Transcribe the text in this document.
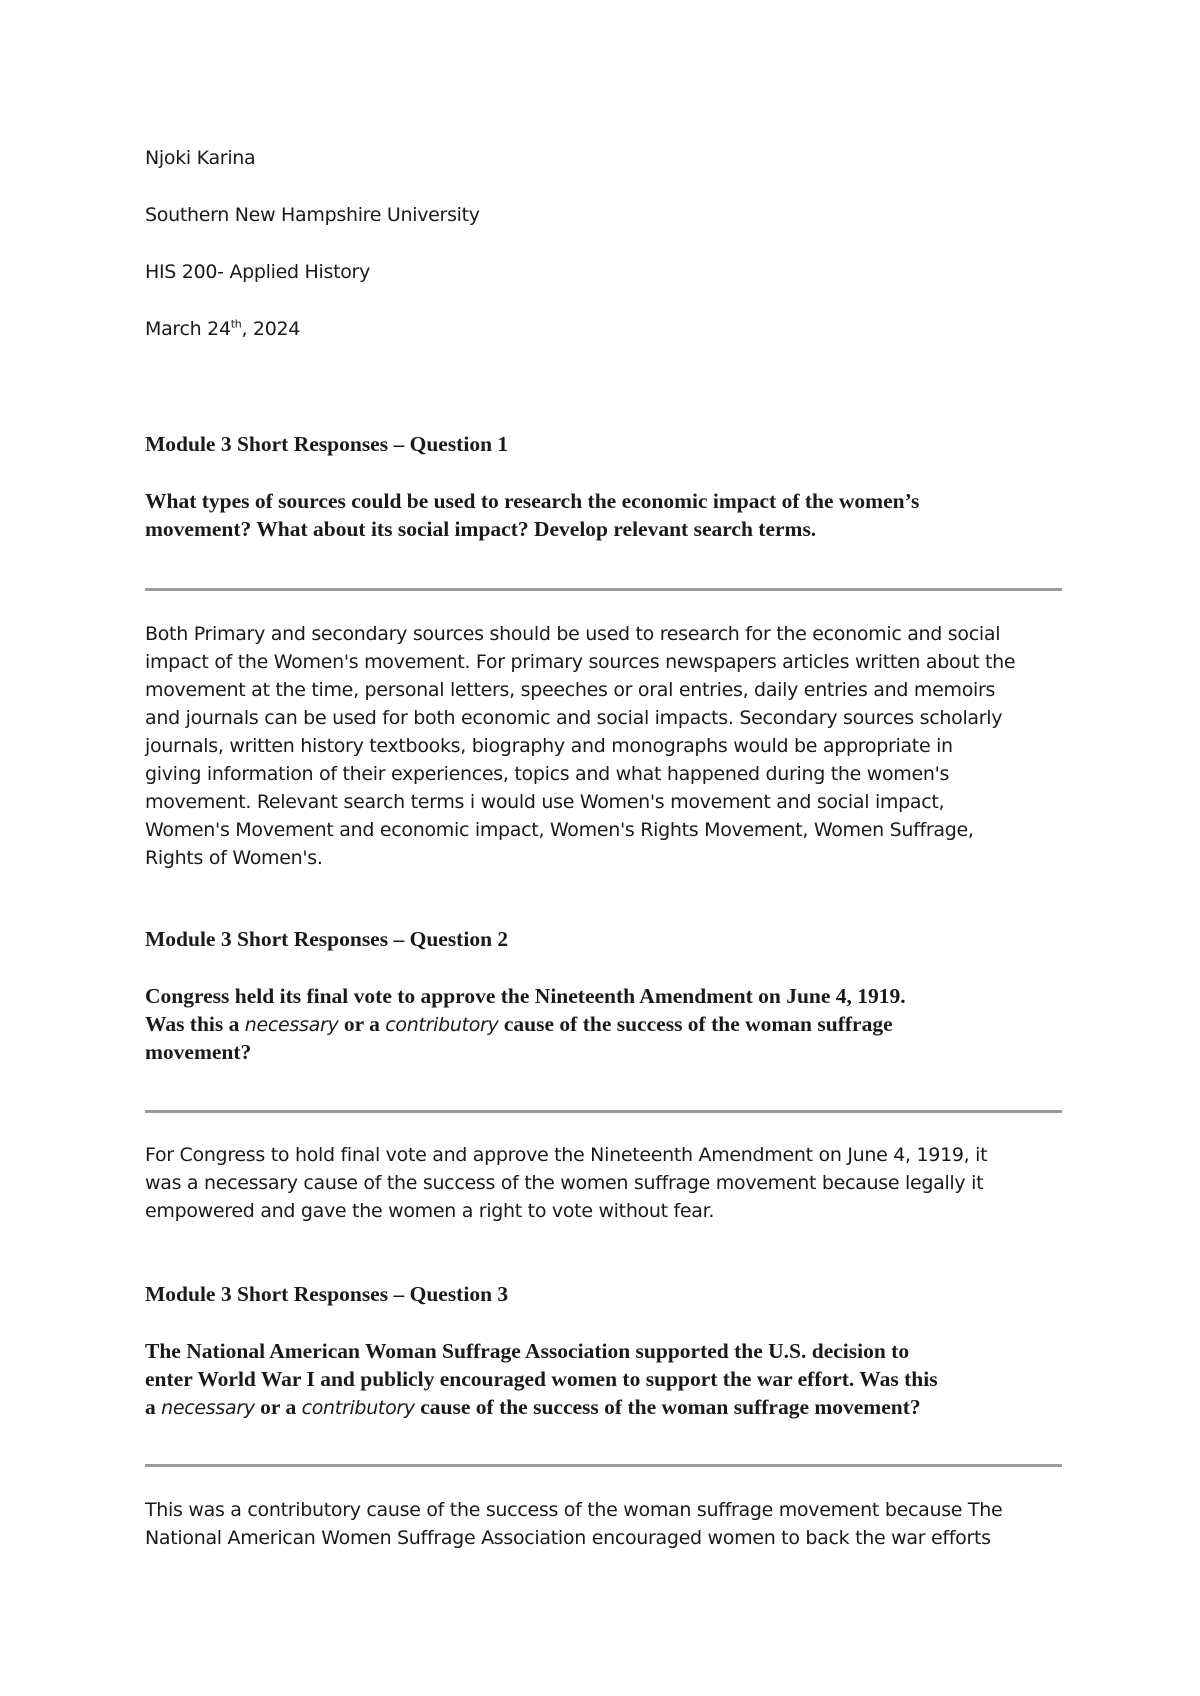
Njoki Karina
Southern New Hampshire University
HIS 200- Applied History
March 24th, 2024
Module 3 Short Responses – Question 1
What types of sources could be used to research the economic impact of the women’s
movement? What about its social impact? Develop relevant search terms.
Both Primary and secondary sources should be used to research for the economic and social
impact of the Women's movement. For primary sources newspapers articles written about the
movement at the time, personal letters, speeches or oral entries, daily entries and memoirs
and journals can be used for both economic and social impacts. Secondary sources scholarly
journals, written history textbooks, biography and monographs would be appropriate in
giving information of their experiences, topics and what happened during the women's
movement. Relevant search terms i would use Women's movement and social impact,
Women's Movement and economic impact, Women's Rights Movement, Women Suffrage,
Rights of Women's.
Module 3 Short Responses – Question 2
Congress held its final vote to approve the Nineteenth Amendment on June 4, 1919.
Was this a necessary or a contributory cause of the success of the woman suffrage
movement?
For Congress to hold final vote and approve the Nineteenth Amendment on June 4, 1919, it
was a necessary cause of the success of the women suffrage movement because legally it
empowered and gave the women a right to vote without fear.
Module 3 Short Responses – Question 3
The National American Woman Suffrage Association supported the U.S. decision to
enter World War I and publicly encouraged women to support the war effort. Was this
a necessary or a contributory cause of the success of the woman suffrage movement?
This was a contributory cause of the success of the woman suffrage movement because The
National American Women Suffrage Association encouraged women to back the war efforts
